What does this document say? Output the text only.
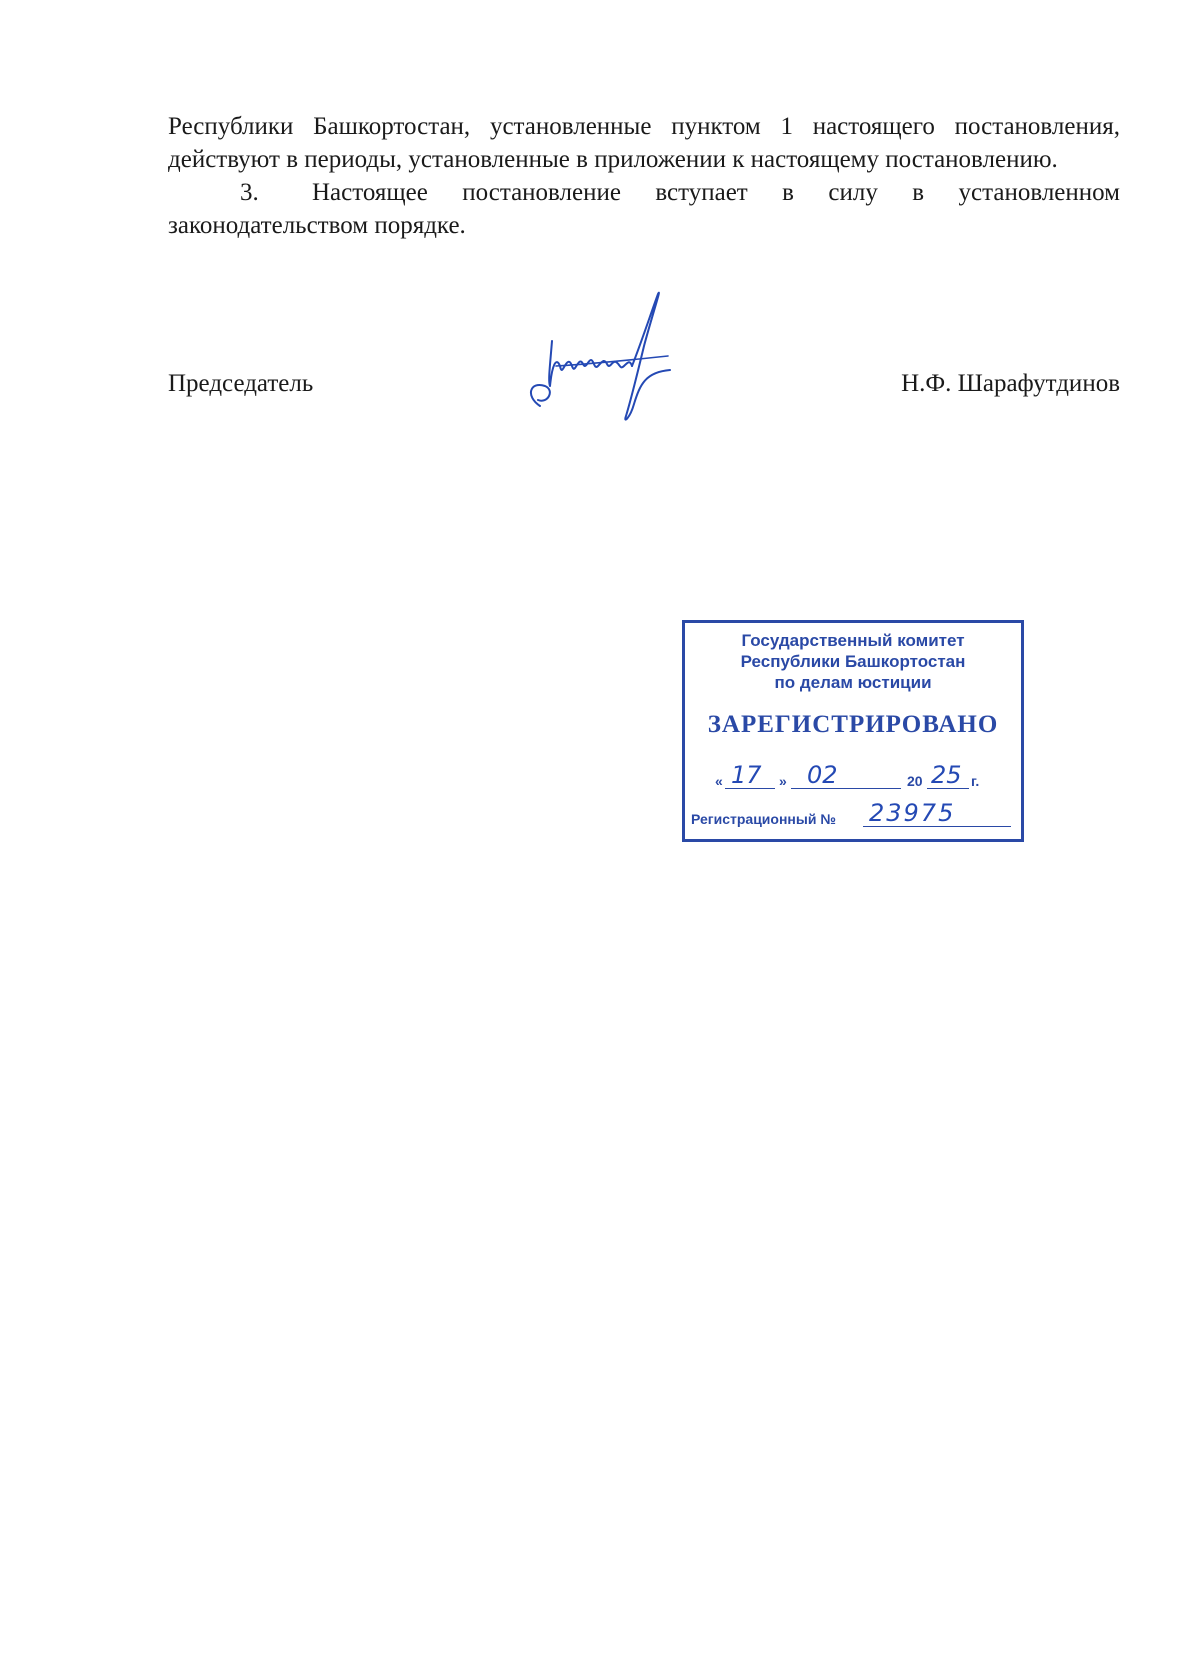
Республики Башкортостан, установленные пунктом 1 настоящего постановления, действуют в периоды, установленные в приложении к настоящему постановлению.

3. Настоящее постановление вступает в силу в установленном законодательством порядке.

Председатель	Н.Ф. Шарафутдинов
Государственный комитет
Республики Башкортостан
по делам юстиции
ЗАРЕГИСТРИРОВАНО
« 17 » 02	20 25 г.
Регистрационный № 23975
